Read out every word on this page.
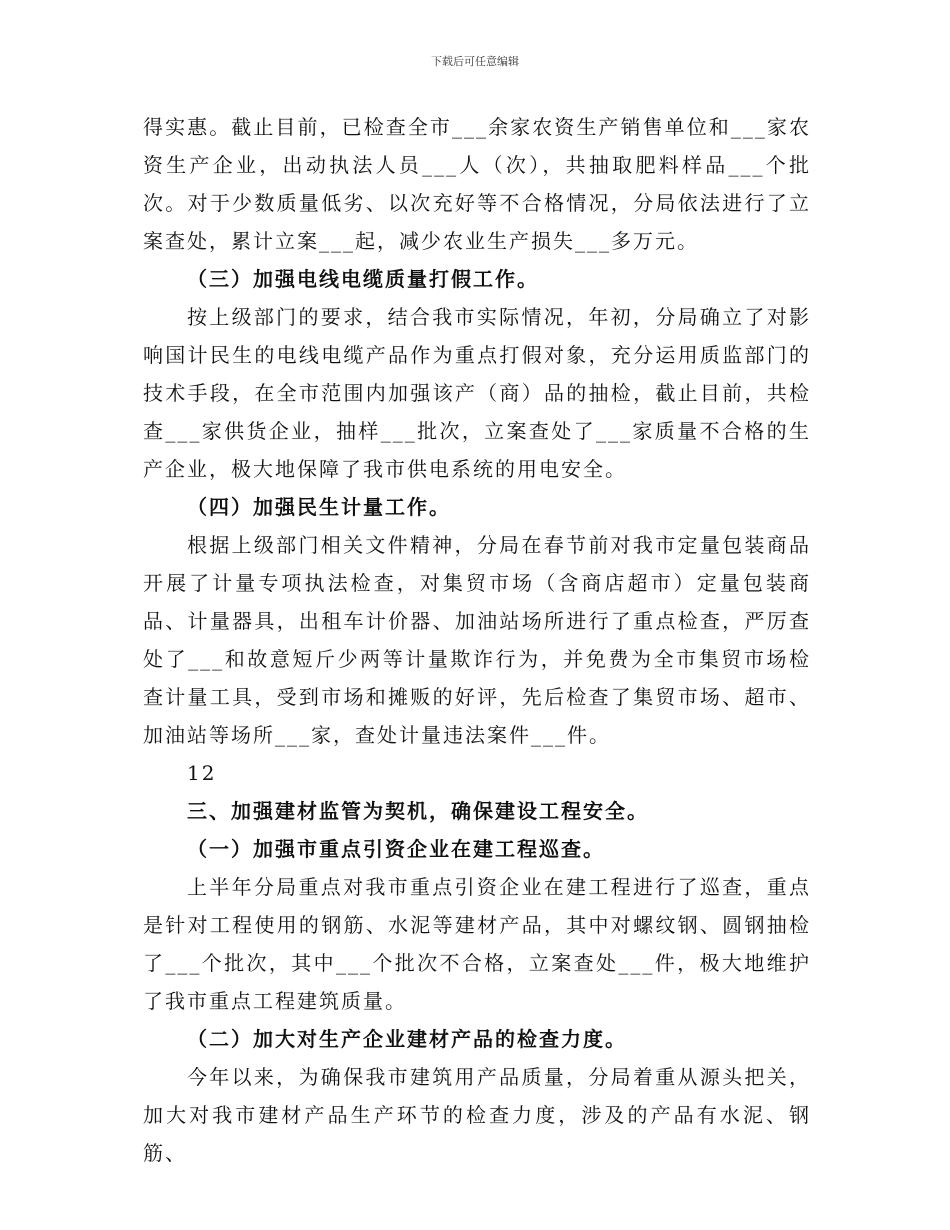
下载后可任意编辑

得实惠。截止目前，已检查全市___余家农资生产销售单位和___家农资生产企业，出动执法人员___人（次），共抽取肥料样品___个批次。对于少数质量低劣、以次充好等不合格情况，分局依法进行了立案查处，累计立案___起，减少农业生产损失___多万元。

（三）加强电线电缆质量打假工作。

按上级部门的要求，结合我市实际情况，年初，分局确立了对影响国计民生的电线电缆产品作为重点打假对象，充分运用质监部门的技术手段，在全市范围内加强该产（商）品的抽检，截止目前，共检查___家供货企业，抽样___批次，立案查处了___家质量不合格的生产企业，极大地保障了我市供电系统的用电安全。

（四）加强民生计量工作。

根据上级部门相关文件精神，分局在春节前对我市定量包装商品开展了计量专项执法检查，对集贸市场（含商店超市）定量包装商品、计量器具，出租车计价器、加油站场所进行了重点检查，严厉查处了___和故意短斤少两等计量欺诈行为，并免费为全市集贸市场检查计量工具，受到市场和摊贩的好评，先后检查了集贸市场、超市、加油站等场所___家，查处计量违法案件___件。

12

三、加强建材监管为契机，确保建设工程安全。

（一）加强市重点引资企业在建工程巡查。

上半年分局重点对我市重点引资企业在建工程进行了巡查，重点是针对工程使用的钢筋、水泥等建材产品，其中对螺纹钢、圆钢抽检了___个批次，其中___个批次不合格，立案查处___件，极大地维护了我市重点工程建筑质量。

（二）加大对生产企业建材产品的检查力度。

今年以来，为确保我市建筑用产品质量，分局着重从源头把关，加大对我市建材产品生产环节的检查力度，涉及的产品有水泥、钢筋、
